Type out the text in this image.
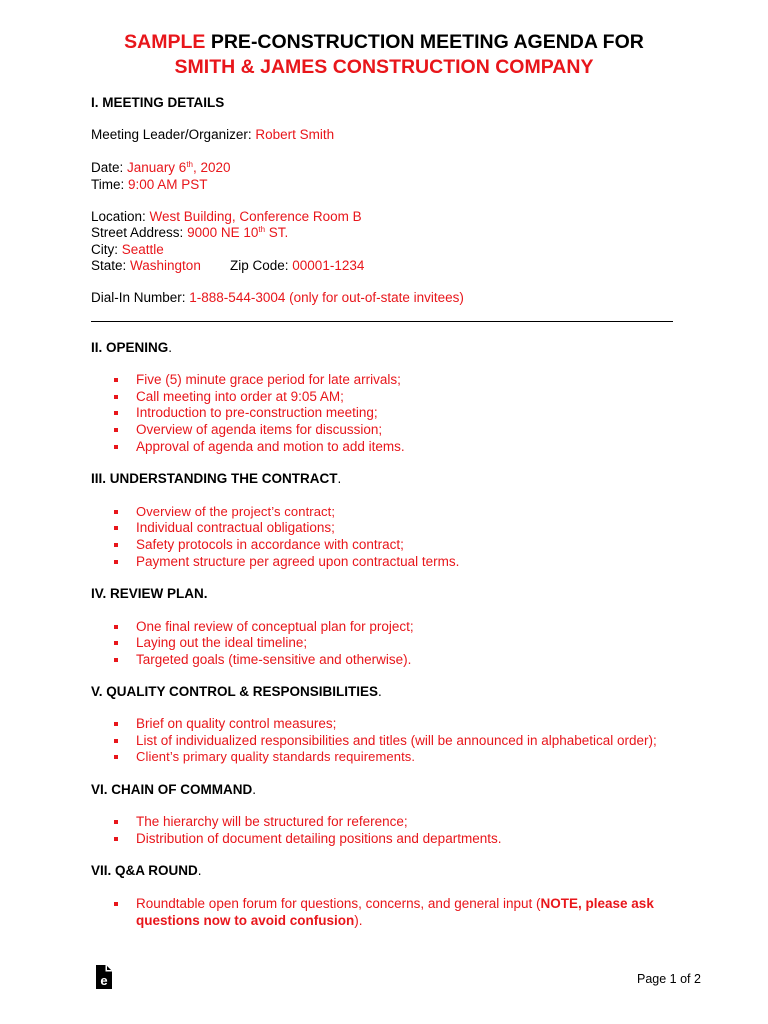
SAMPLE PRE-CONSTRUCTION MEETING AGENDA FOR
SMITH & JAMES CONSTRUCTION COMPANY
I. MEETING DETAILS
Meeting Leader/Organizer: Robert Smith
Date: January 6th, 2020
Time: 9:00 AM PST
Location: West Building, Conference Room B
Street Address: 9000 NE 10th ST.
City: Seattle
State: Washington Zip Code: 00001-1234
Dial-In Number: 1-888-544-3004 (only for out-of-state invitees)
II. OPENING.
Five (5) minute grace period for late arrivals;
Call meeting into order at 9:05 AM;
Introduction to pre-construction meeting;
Overview of agenda items for discussion;
Approval of agenda and motion to add items.
III. UNDERSTANDING THE CONTRACT.
Overview of the project’s contract;
Individual contractual obligations;
Safety protocols in accordance with contract;
Payment structure per agreed upon contractual terms.
IV. REVIEW PLAN.
One final review of conceptual plan for project;
Laying out the ideal timeline;
Targeted goals (time-sensitive and otherwise).
V. QUALITY CONTROL & RESPONSIBILITIES.
Brief on quality control measures;
List of individualized responsibilities and titles (will be announced in alphabetical order);
Client’s primary quality standards requirements.
VI. CHAIN OF COMMAND.
The hierarchy will be structured for reference;
Distribution of document detailing positions and departments.
VII. Q&A ROUND.
Roundtable open forum for questions, concerns, and general input (NOTE, please ask
questions now to avoid confusion).
e	Page 1 of 2
